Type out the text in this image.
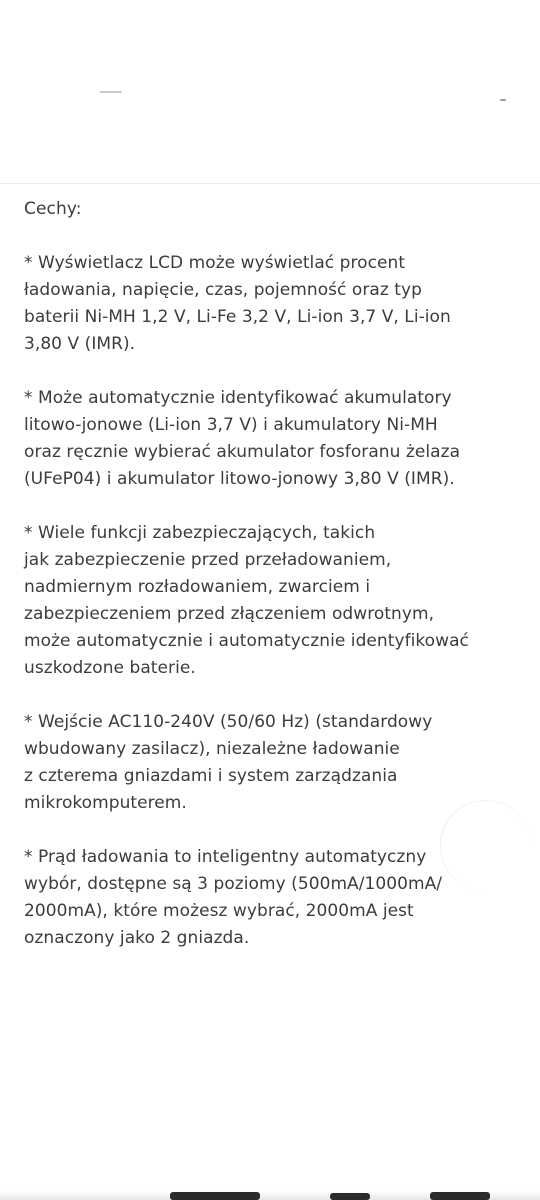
Cechy:

* Wyświetlacz LCD może wyświetlać procent
ładowania, napięcie, czas, pojemność oraz typ
baterii Ni-MH 1,2 V, Li-Fe 3,2 V, Li-ion 3,7 V, Li-ion
3,80 V (IMR).

* Może automatycznie identyfikować akumulatory
litowo-jonowe (Li-ion 3,7 V) i akumulatory Ni-MH
oraz ręcznie wybierać akumulator fosforanu żelaza
(UFeP04) i akumulator litowo-jonowy 3,80 V (IMR).

* Wiele funkcji zabezpieczających, takich
jak zabezpieczenie przed przeładowaniem,
nadmiernym rozładowaniem, zwarciem i
zabezpieczeniem przed złączeniem odwrotnym,
może automatycznie i automatycznie identyfikować
uszkodzone baterie.

* Wejście AC110-240V (50/60 Hz) (standardowy
wbudowany zasilacz), niezależne ładowanie
z czterema gniazdami i system zarządzania
mikrokomputerem.

* Prąd ładowania to inteligentny automatyczny
wybór, dostępne są 3 poziomy (500mA/1000mA/
2000mA), które możesz wybrać, 2000mA jest
oznaczony jako 2 gniazda.
